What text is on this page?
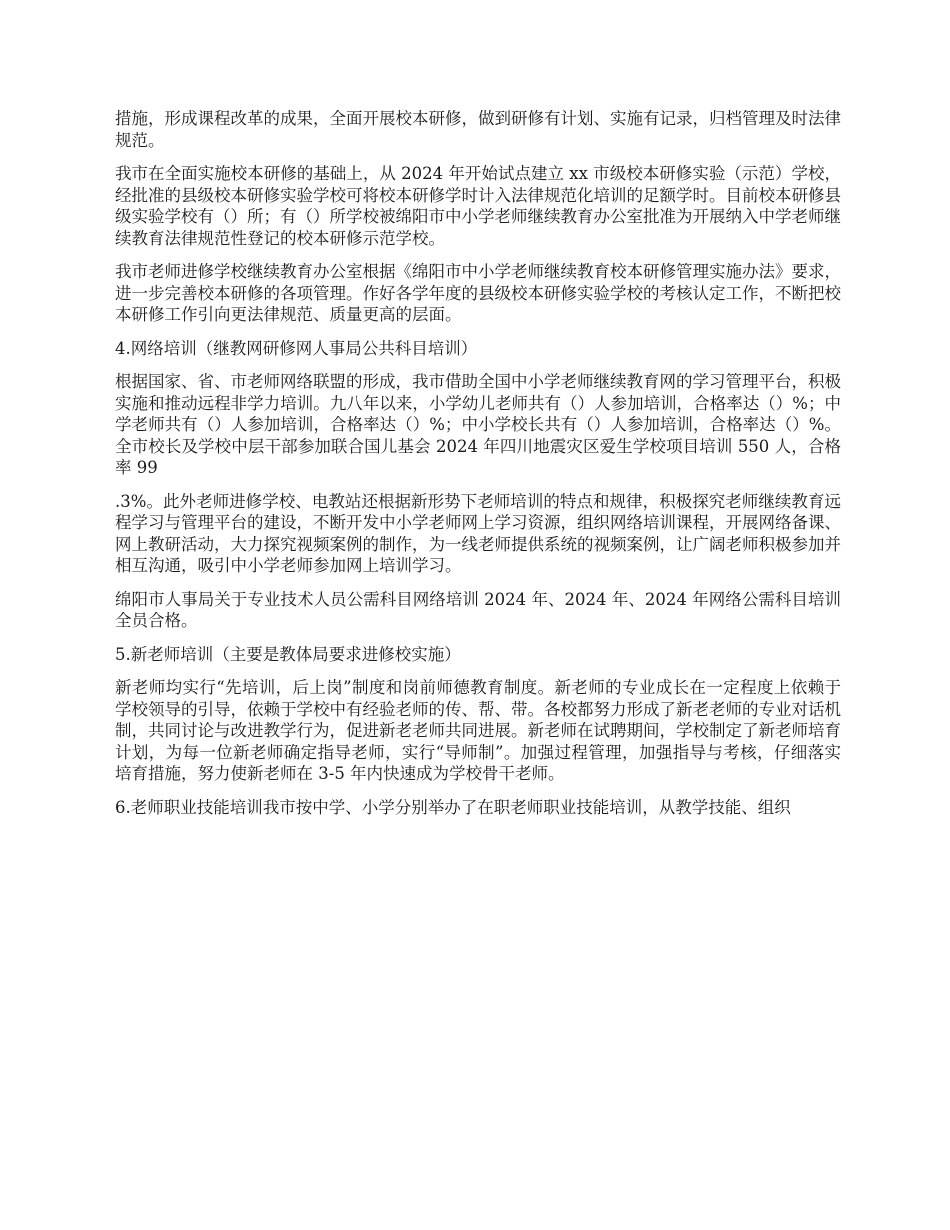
措施，形成课程改革的成果，全面开展校本研修，做到研修有计划、实施有记录，归档管理及时法律规范。

我市在全面实施校本研修的基础上，从 2024 年开始试点建立 xx 市级校本研修实验（示范）学校，经批准的县级校本研修实验学校可将校本研修学时计入法律规范化培训的足额学时。目前校本研修县级实验学校有（）所；有（）所学校被绵阳市中小学老师继续教育办公室批准为开展纳入中学老师继续教育法律规范性登记的校本研修示范学校。

我市老师进修学校继续教育办公室根据《绵阳市中小学老师继续教育校本研修管理实施办法》要求，进一步完善校本研修的各项管理。作好各学年度的县级校本研修实验学校的考核认定工作，不断把校本研修工作引向更法律规范、质量更高的层面。

4.网络培训（继教网研修网人事局公共科目培训）

根据国家、省、市老师网络联盟的形成，我市借助全国中小学老师继续教育网的学习管理平台，积极实施和推动远程非学力培训。九八年以来，小学幼儿老师共有（）人参加培训，合格率达（）%；中学老师共有（）人参加培训，合格率达（）%；中小学校长共有（）人参加培训，合格率达（）%。全市校长及学校中层干部参加联合国儿基会 2024 年四川地震灾区爱生学校项目培训 550 人，合格率 99

.3%。此外老师进修学校、电教站还根据新形势下老师培训的特点和规律，积极探究老师继续教育远程学习与管理平台的建设，不断开发中小学老师网上学习资源，组织网络培训课程，开展网络备课、网上教研活动，大力探究视频案例的制作，为一线老师提供系统的视频案例，让广阔老师积极参加并相互沟通，吸引中小学老师参加网上培训学习。

绵阳市人事局关于专业技术人员公需科目网络培训 2024 年、2024 年、2024 年网络公需科目培训全员合格。

5.新老师培训（主要是教体局要求进修校实施）

新老师均实行“先培训，后上岗”制度和岗前师德教育制度。新老师的专业成长在一定程度上依赖于学校领导的引导，依赖于学校中有经验老师的传、帮、带。各校都努力形成了新老老师的专业对话机制，共同讨论与改进教学行为，促进新老老师共同进展。新老师在试聘期间，学校制定了新老师培育计划，为每一位新老师确定指导老师，实行“导师制”。加强过程管理，加强指导与考核，仔细落实培育措施，努力使新老师在 3-5 年内快速成为学校骨干老师。

6.老师职业技能培训我市按中学、小学分别举办了在职老师职业技能培训，从教学技能、组织
